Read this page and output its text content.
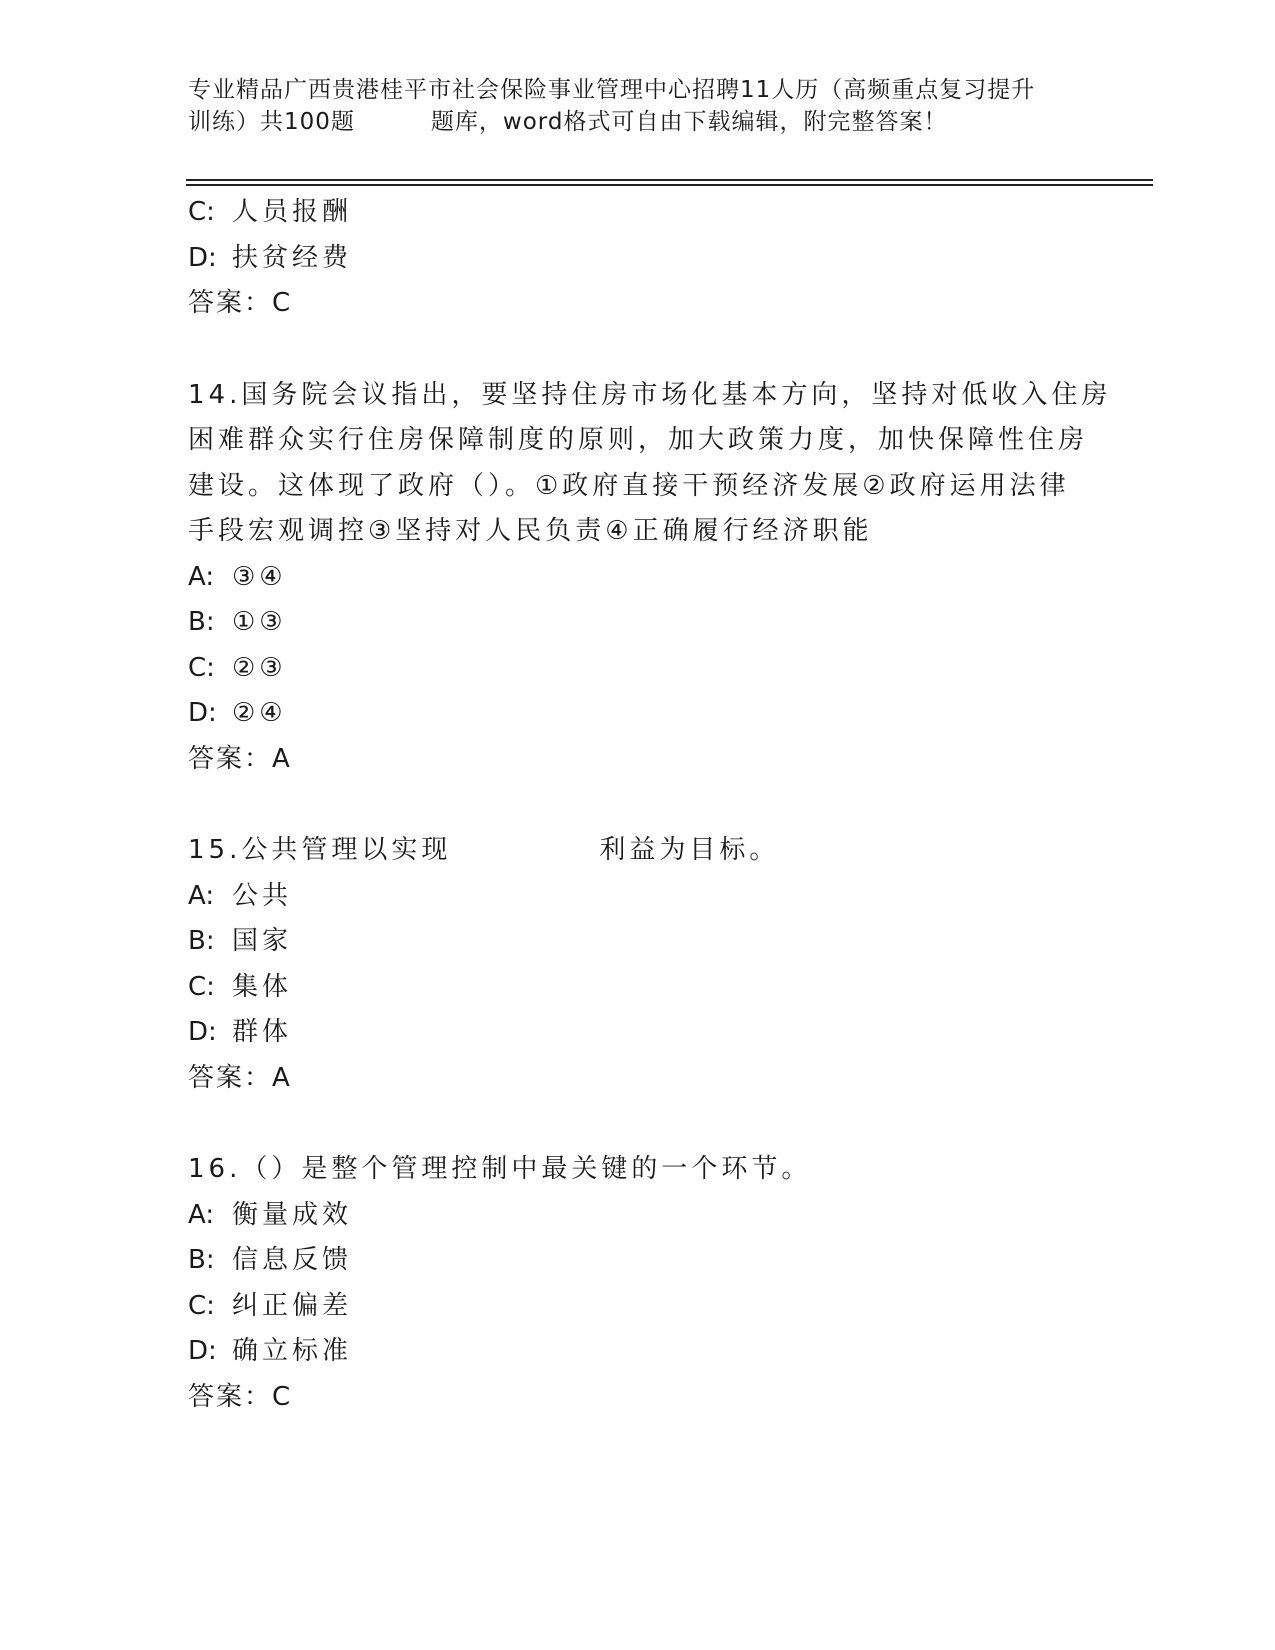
专业精品广西贵港桂平市社会保险事业管理中心招聘11人历（高频重点复习提升
训练）共100题	题库，word格式可自由下载编辑，附完整答案！
C: 人员报酬
D: 扶贫经费
答案：C
14.国务院会议指出，要坚持住房市场化基本方向，坚持对低收入住房
困难群众实行住房保障制度的原则，加大政策力度，加快保障性住房
建设。这体现了政府（）。①政府直接干预经济发展②政府运用法律
手段宏观调控③坚持对人民负责④正确履行经济职能
A: ③④
B: ①③
C: ②③
D: ②④
答案：A
15.公共管理以实现	利益为目标。
A: 公共
B: 国家
C: 集体
D: 群体
答案：A
16.（）是整个管理控制中最关键的一个环节。
A: 衡量成效
B: 信息反馈
C: 纠正偏差
D: 确立标准
答案：C
